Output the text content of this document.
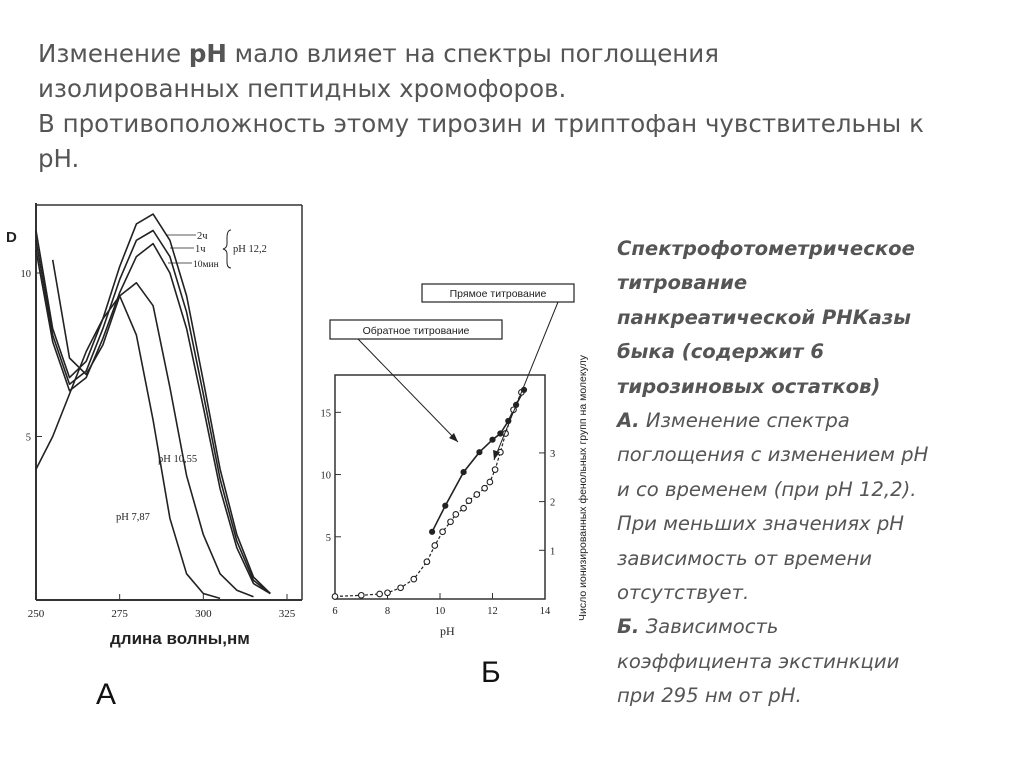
Изменение pH мало влияет на спектры поглощения
изолированных пептидных хромофоров.
В противоположность этому тирозин и триптофан чувствительны к
pH.
Спектрофотометрическое
титрование
панкреатической РНКазы
быка (содержит 6
тирозиновых остатков)
А. Изменение спектра
поглощения с изменением pH
и со временем (при pH 12,2).
При меньших значениях pH
зависимость от времени
отсутствует.
Б. Зависимость
коэффициента экстинкции
при 295 нм от pH.
А
Б
250	275	300	325
10
5
D
длина волны,нм
2ч
1ч
10мин
pH 12,2
pH 10,55
pH 7,87
6	8	10	12	14
5
10
15
1
2
3
pH
Число ионизированных фенольных групп на молекулу
Прямое титрование
Обратное титрование
